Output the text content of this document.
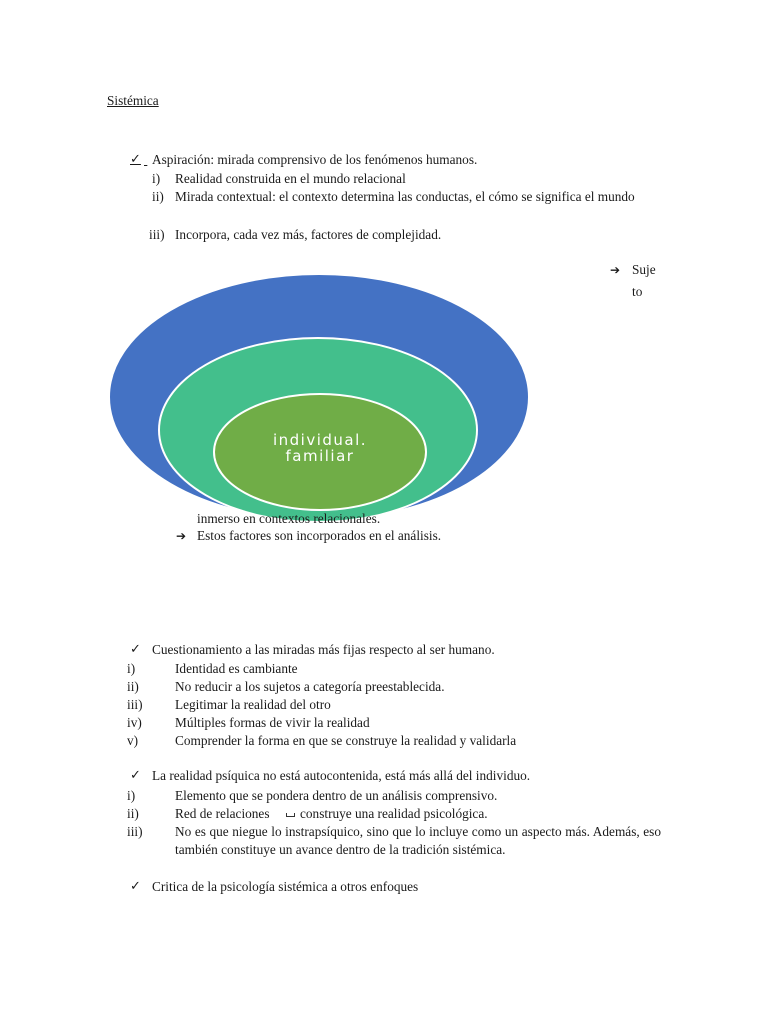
Sistémica
✓
Aspiración: mirada comprensivo de los fenómenos humanos.
i) Realidad construida en el mundo relacional
ii) Mirada contextual: el contexto determina las conductas, el cómo se significa el mundo
iii) Incorpora, cada vez más, factores de complejidad.
➔ Suje
to
individual.
familiar
inmerso en contextos relacionales.
➔ Estos factores son incorporados en el análisis.
✓ Cuestionamiento a las miradas más fijas respecto al ser humano.
i)	Identidad es cambiante
ii)	No reducir a los sujetos a categoría preestablecida.
iii) Legitimar la realidad del otro
iv) Múltiples formas de vivir la realidad
v)	Comprender la forma en que se construye la realidad y validarla
✓ La realidad psíquica no está autocontenida, está más allá del individuo.
i)	Elemento que se pondera dentro de un análisis comprensivo.
ii)	Red de relaciones construye una realidad psicológica.
iii) No es que niegue lo instrapsíquico, sino que lo incluye como un aspecto más. Además, eso también constituye un avance dentro de la tradición sistémica.
✓ Critica de la psicología sistémica a otros enfoques
